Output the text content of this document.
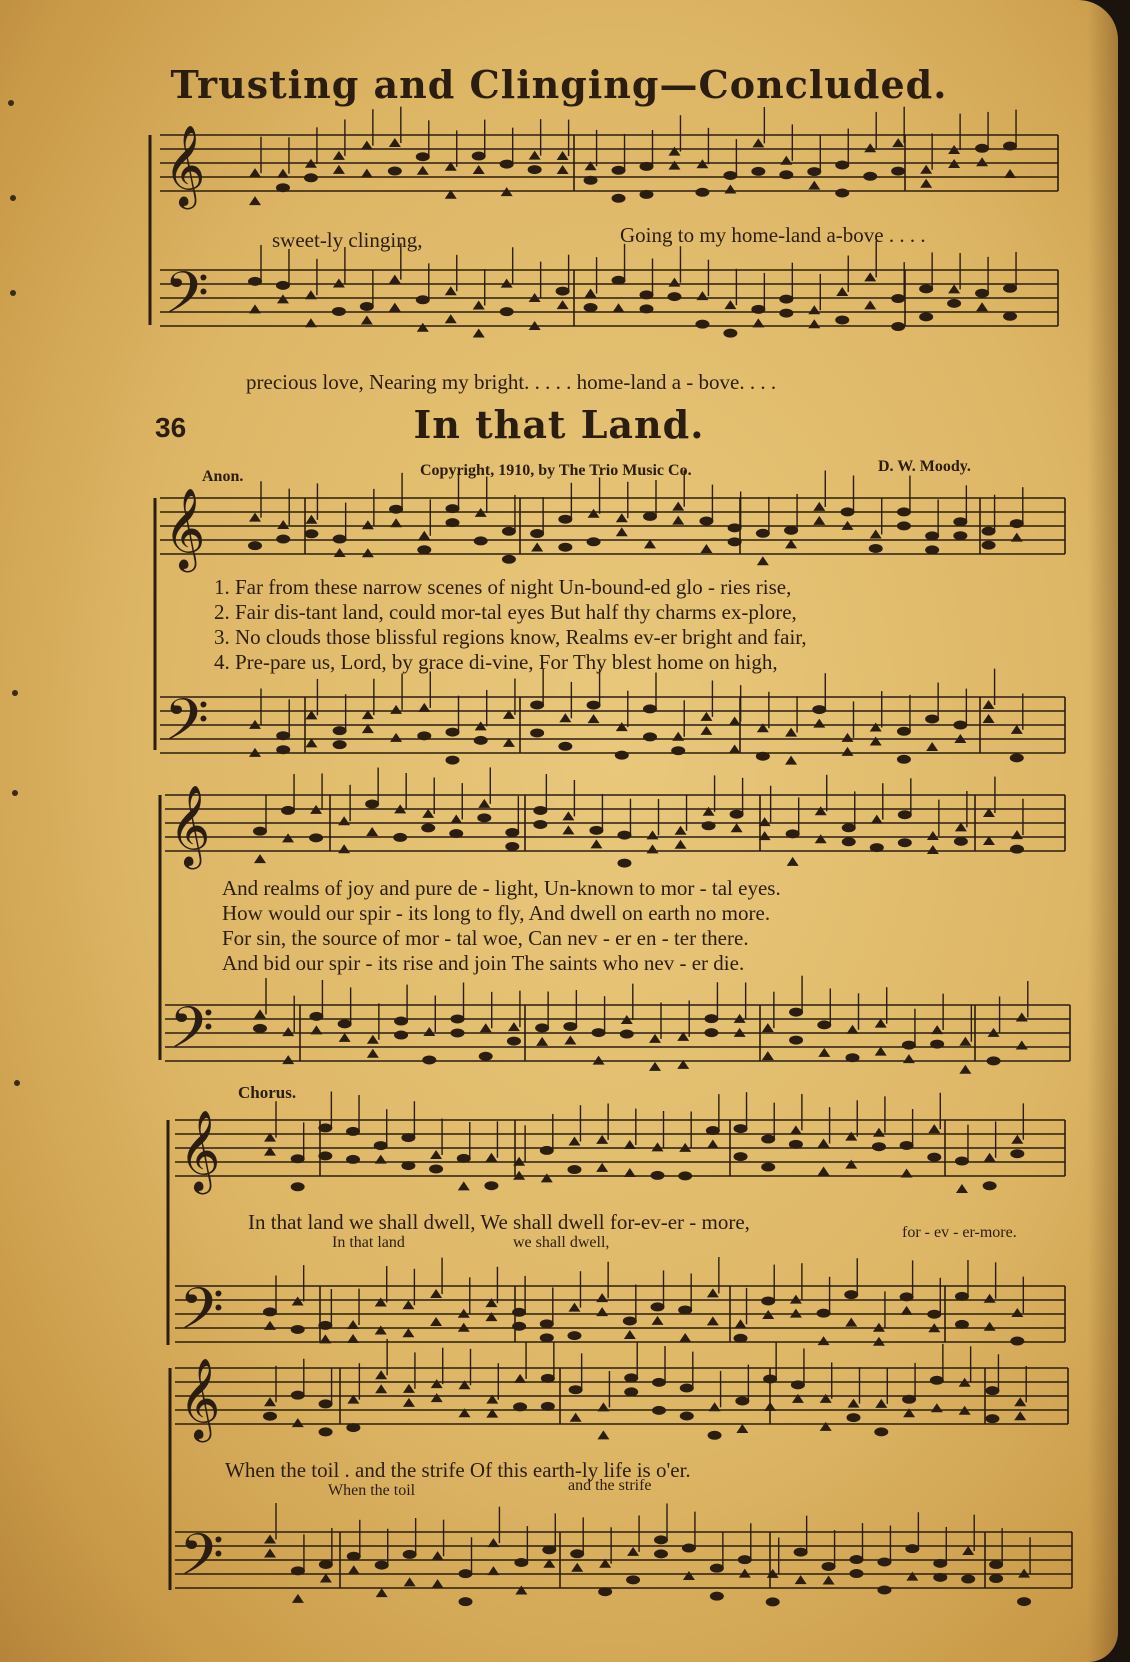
Trusting and Clinging—Concluded.
𝄞
𝄢
𝄞
𝄢
𝄞
𝄢
𝄞
𝄢
𝄞
𝄢
sweet-ly clinging,	Going to my home-land a-bove . . . .
precious love, Nearing my bright. . . . . home-land a - bove. . . .
36	In that Land.
Anon.	Copyright, 1910, by The Trio Music Co.	D. W. Moody.
1. Far from these narrow scenes of night Un-bound-ed glo - ries rise,
2. Fair dis-tant land, could mor-tal eyes But half thy charms ex-plore,
3. No clouds those blissful regions know, Realms ev-er bright and fair,
4. Pre-pare us, Lord, by grace di-vine, For Thy blest home on high,
And realms of joy and pure de - light, Un-known to mor - tal eyes.
How would our spir - its long to fly, And dwell on earth no more.
For sin, the source of mor - tal woe, Can nev - er en - ter there.
And bid our spir - its rise and join The saints who nev - er die.
Chorus.
In that land we shall dwell, We shall dwell for-ev-er - more,
In that land	we shall dwell,
for - ev - er-more.
When the toil . and the strife Of this earth-ly life is o'er.
When the toil	and the strife
